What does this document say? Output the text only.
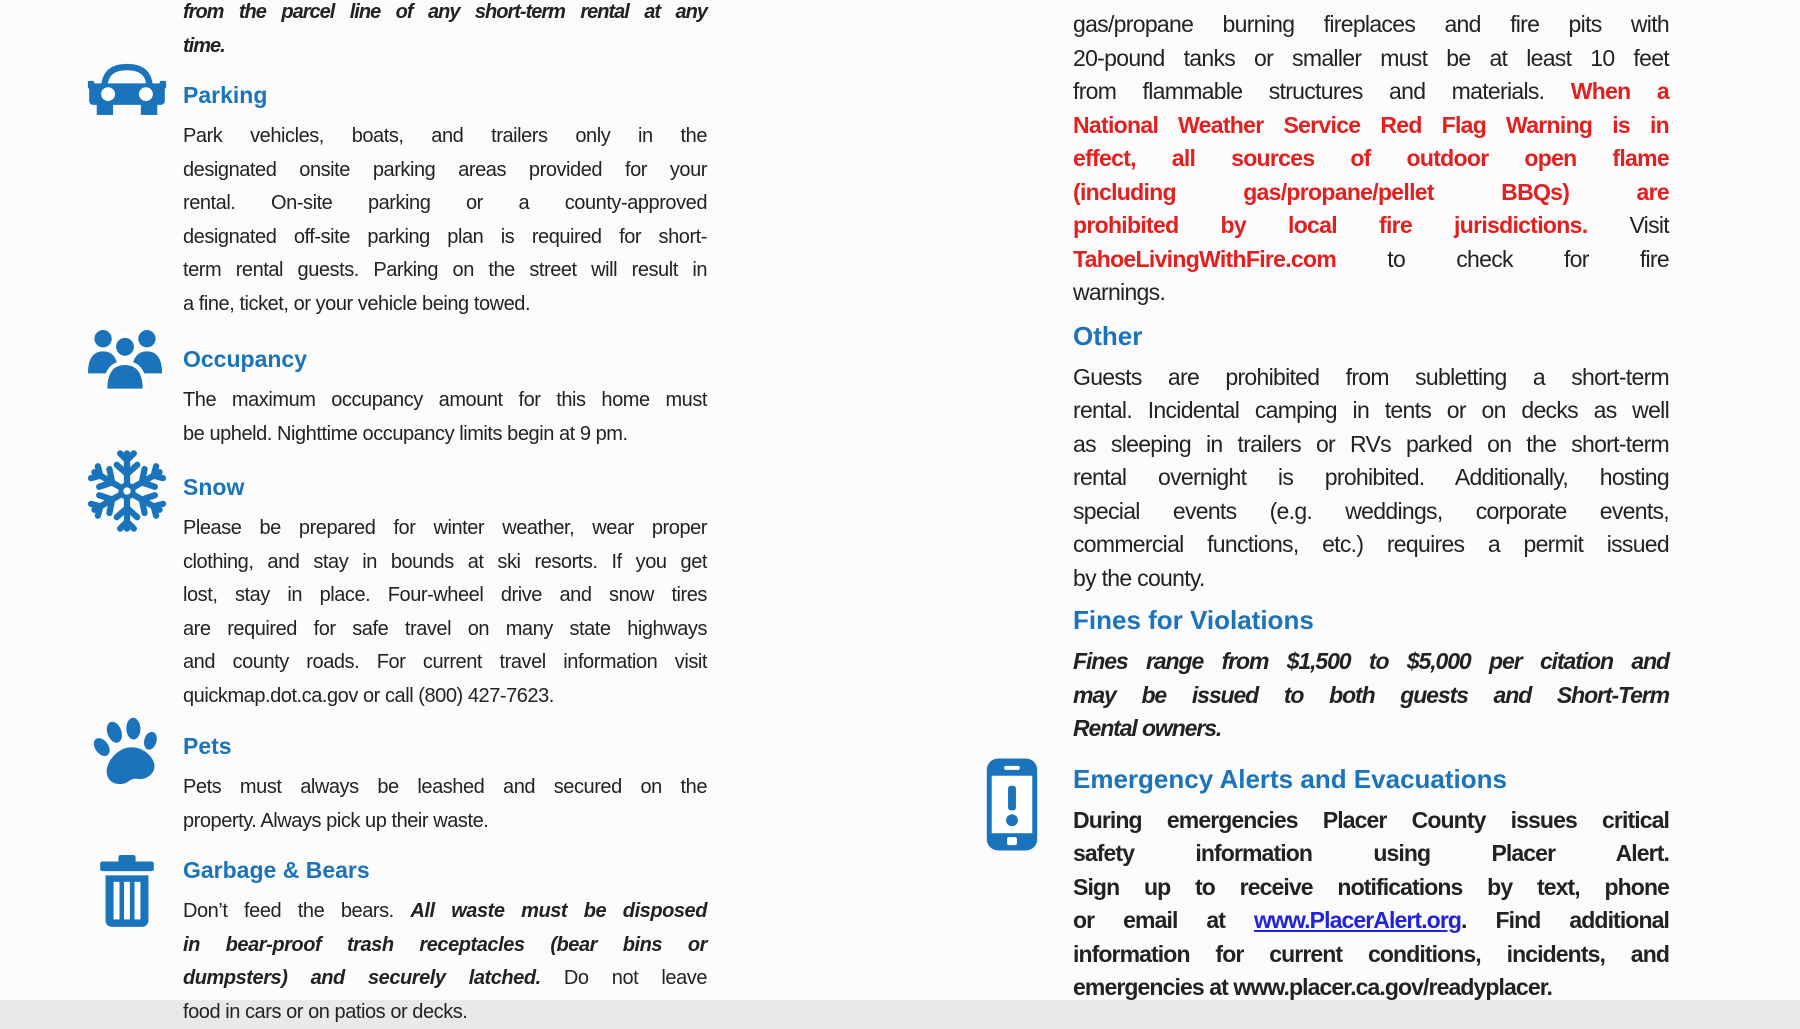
from the parcel line of any short-term rental at any
time.
Parking
Park vehicles, boats, and trailers only in the
designated onsite parking areas provided for your
rental. On-site parking or a county-approved
designated off-site parking plan is required for short-
term rental guests. Parking on the street will result in
a fine, ticket, or your vehicle being towed.
Occupancy
The maximum occupancy amount for this home must
be upheld. Nighttime occupancy limits begin at 9 pm.
Snow
Please be prepared for winter weather, wear proper
clothing, and stay in bounds at ski resorts. If you get
lost, stay in place. Four-wheel drive and snow tires
are required for safe travel on many state highways
and county roads. For current travel information visit
quickmap.dot.ca.gov or call (800) 427-7623.
Pets
Pets must always be leashed and secured on the
property. Always pick up their waste.
Garbage & Bears
Don’t feed the bears. All waste must be disposed
in bear-proof trash receptacles (bear bins or
dumpsters) and securely latched. Do not leave
food in cars or on patios or decks.
gas/propane burning fireplaces and fire pits with
20-pound tanks or smaller must be at least 10 feet
from flammable structures and materials. When a
National Weather Service Red Flag Warning is in
effect, all sources of outdoor open flame
(including gas/propane/pellet BBQs) are
prohibited by local fire jurisdictions. Visit
TahoeLivingWithFire.com to check for fire
warnings.
Other
Guests are prohibited from subletting a short-term
rental. Incidental camping in tents or on decks as well
as sleeping in trailers or RVs parked on the short-term
rental overnight is prohibited. Additionally, hosting
special events (e.g. weddings, corporate events,
commercial functions, etc.) requires a permit issued
by the county.
Fines for Violations
Fines range from $1,500 to $5,000 per citation and
may be issued to both guests and Short-Term
Rental owners.
Emergency Alerts and Evacuations
During emergencies Placer County issues critical
safety information using Placer Alert.
Sign up to receive notifications by text, phone
or email at www.PlacerAlert.org. Find additional
information for current conditions, incidents, and
emergencies at www.placer.ca.gov/readyplacer.
